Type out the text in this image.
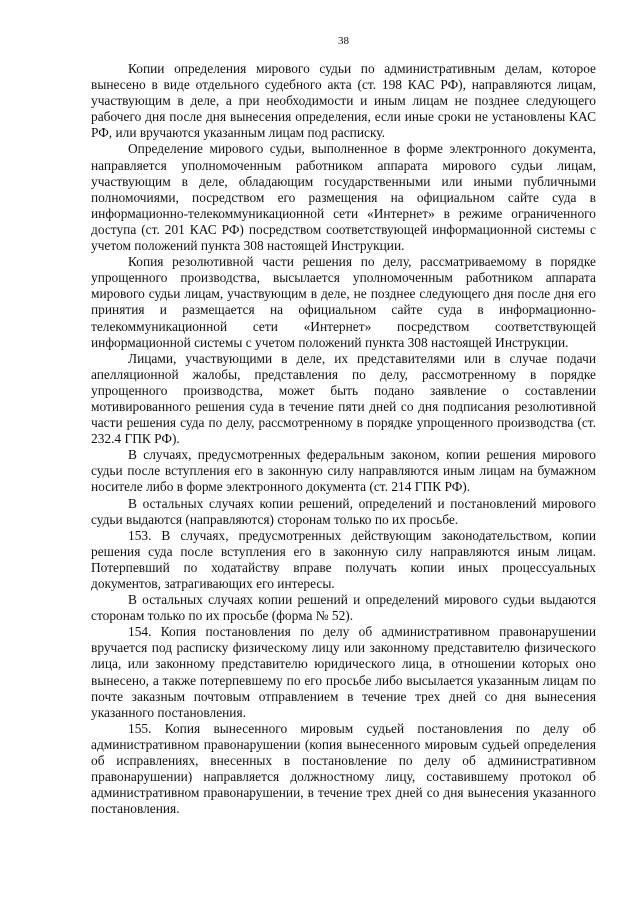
38

Копии определения мирового судьи по административным делам, которое вынесено в виде отдельного судебного акта (ст. 198 КАС РФ), направляются лицам, участвующим в деле, а при необходимости и иным лицам не позднее следующего рабочего дня после дня вынесения определения, если иные сроки не установлены КАС РФ, или вручаются указанным лицам под расписку.

Определение мирового судьи, выполненное в форме электронного документа, направляется уполномоченным работником аппарата мирового судьи лицам, участвующим в деле, обладающим государственными или иными публичными полномочиями, посредством его размещения на официальном сайте суда в информационно-телекоммуникационной сети «Интернет» в режиме ограниченного доступа (ст. 201 КАС РФ) посредством соответствующей информационной системы с учетом положений пункта 308 настоящей Инструкции.

Копия резолютивной части решения по делу, рассматриваемому в порядке упрощенного производства, высылается уполномоченным работником аппарата мирового судьи лицам, участвующим в деле, не позднее следующего дня после дня его принятия и размещается на официальном сайте суда в информационно-телекоммуникационной сети «Интернет» посредством соответствующей информационной системы с учетом положений пункта 308 настоящей Инструкции.

Лицами, участвующими в деле, их представителями или в случае подачи апелляционной жалобы, представления по делу, рассмотренному в порядке упрощенного производства, может быть подано заявление о составлении мотивированного решения суда в течение пяти дней со дня подписания резолютивной части решения суда по делу, рассмотренному в порядке упрощенного производства (ст. 232.4 ГПК РФ).

В случаях, предусмотренных федеральным законом, копии решения мирового судьи после вступления его в законную силу направляются иным лицам на бумажном носителе либо в форме электронного документа (ст. 214 ГПК РФ).

В остальных случаях копии решений, определений и постановлений мирового судьи выдаются (направляются) сторонам только по их просьбе.

153. В случаях, предусмотренных действующим законодательством, копии решения суда после вступления его в законную силу направляются иным лицам. Потерпевший по ходатайству вправе получать копии иных процессуальных документов, затрагивающих его интересы.

В остальных случаях копии решений и определений мирового судьи выдаются сторонам только по их просьбе (форма № 52).

154. Копия постановления по делу об административном правонарушении вручается под расписку физическому лицу или законному представителю физического лица, или законному представителю юридического лица, в отношении которых оно вынесено, а также потерпевшему по его просьбе либо высылается указанным лицам по почте заказным почтовым отправлением в течение трех дней со дня вынесения указанного постановления.

155. Копия вынесенного мировым судьей постановления по делу об административном правонарушении (копия вынесенного мировым судьей определения об исправлениях, внесенных в постановление по делу об административном правонарушении) направляется должностному лицу, составившему протокол об административном правонарушении, в течение трех дней со дня вынесения указанного постановления.
